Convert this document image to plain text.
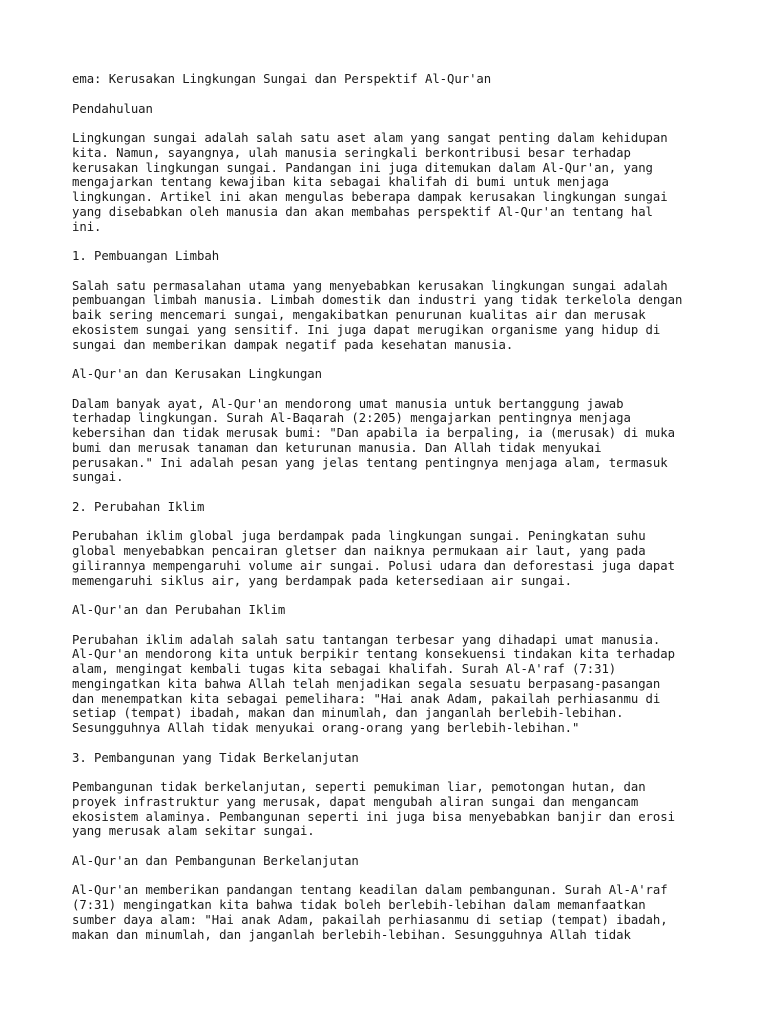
ema: Kerusakan Lingkungan Sungai dan Perspektif Al-Qur'an

Pendahuluan

Lingkungan sungai adalah salah satu aset alam yang sangat penting dalam kehidupan
kita. Namun, sayangnya, ulah manusia seringkali berkontribusi besar terhadap
kerusakan lingkungan sungai. Pandangan ini juga ditemukan dalam Al-Qur'an, yang
mengajarkan tentang kewajiban kita sebagai khalifah di bumi untuk menjaga
lingkungan. Artikel ini akan mengulas beberapa dampak kerusakan lingkungan sungai
yang disebabkan oleh manusia dan akan membahas perspektif Al-Qur'an tentang hal
ini.

1. Pembuangan Limbah

Salah satu permasalahan utama yang menyebabkan kerusakan lingkungan sungai adalah
pembuangan limbah manusia. Limbah domestik dan industri yang tidak terkelola dengan
baik sering mencemari sungai, mengakibatkan penurunan kualitas air dan merusak
ekosistem sungai yang sensitif. Ini juga dapat merugikan organisme yang hidup di
sungai dan memberikan dampak negatif pada kesehatan manusia.

Al-Qur'an dan Kerusakan Lingkungan

Dalam banyak ayat, Al-Qur'an mendorong umat manusia untuk bertanggung jawab
terhadap lingkungan. Surah Al-Baqarah (2:205) mengajarkan pentingnya menjaga
kebersihan dan tidak merusak bumi: "Dan apabila ia berpaling, ia (merusak) di muka
bumi dan merusak tanaman dan keturunan manusia. Dan Allah tidak menyukai
perusakan." Ini adalah pesan yang jelas tentang pentingnya menjaga alam, termasuk
sungai.

2. Perubahan Iklim

Perubahan iklim global juga berdampak pada lingkungan sungai. Peningkatan suhu
global menyebabkan pencairan gletser dan naiknya permukaan air laut, yang pada
gilirannya mempengaruhi volume air sungai. Polusi udara dan deforestasi juga dapat
memengaruhi siklus air, yang berdampak pada ketersediaan air sungai.

Al-Qur'an dan Perubahan Iklim

Perubahan iklim adalah salah satu tantangan terbesar yang dihadapi umat manusia.
Al-Qur'an mendorong kita untuk berpikir tentang konsekuensi tindakan kita terhadap
alam, mengingat kembali tugas kita sebagai khalifah. Surah Al-A'raf (7:31)
mengingatkan kita bahwa Allah telah menjadikan segala sesuatu berpasang-pasangan
dan menempatkan kita sebagai pemelihara: "Hai anak Adam, pakailah perhiasanmu di
setiap (tempat) ibadah, makan dan minumlah, dan janganlah berlebih-lebihan.
Sesungguhnya Allah tidak menyukai orang-orang yang berlebih-lebihan."

3. Pembangunan yang Tidak Berkelanjutan

Pembangunan tidak berkelanjutan, seperti pemukiman liar, pemotongan hutan, dan
proyek infrastruktur yang merusak, dapat mengubah aliran sungai dan mengancam
ekosistem alaminya. Pembangunan seperti ini juga bisa menyebabkan banjir dan erosi
yang merusak alam sekitar sungai.

Al-Qur'an dan Pembangunan Berkelanjutan

Al-Qur'an memberikan pandangan tentang keadilan dalam pembangunan. Surah Al-A'raf
(7:31) mengingatkan kita bahwa tidak boleh berlebih-lebihan dalam memanfaatkan
sumber daya alam: "Hai anak Adam, pakailah perhiasanmu di setiap (tempat) ibadah,
makan dan minumlah, dan janganlah berlebih-lebihan. Sesungguhnya Allah tidak
